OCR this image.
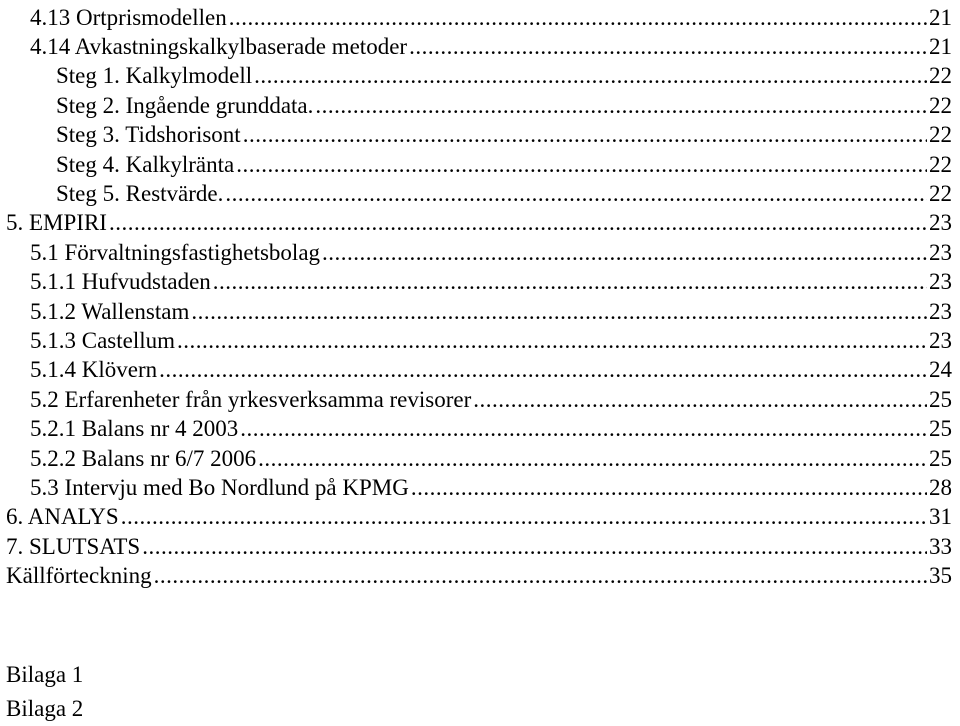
4.13 Ortprismodellen .....	21
4.14 Avkastningskalkylbaserade metoder .....	21
Steg 1. Kalkylmodell .....	22
Steg 2. Ingående grunddata. .....	22
Steg 3. Tidshorisont .....	22
Steg 4. Kalkylränta .....	22
Steg 5. Restvärde. .....	22
5. EMPIRI .....	23
5.1 Förvaltningsfastighetsbolag .....	23
5.1.1 Hufvudstaden .....	23
5.1.2 Wallenstam .....	23
5.1.3 Castellum .....	23
5.1.4 Klövern .....	24
5.2 Erfarenheter från yrkesverksamma revisorer .....	25
5.2.1 Balans nr 4 2003 .....	25
5.2.2 Balans nr 6/7 2006 .....	25
5.3 Intervju med Bo Nordlund på KPMG .....	28
6. ANALYS .....	31
7. SLUTSATS .....	33
Källförteckning .....	35
Bilaga 1
Bilaga 2
